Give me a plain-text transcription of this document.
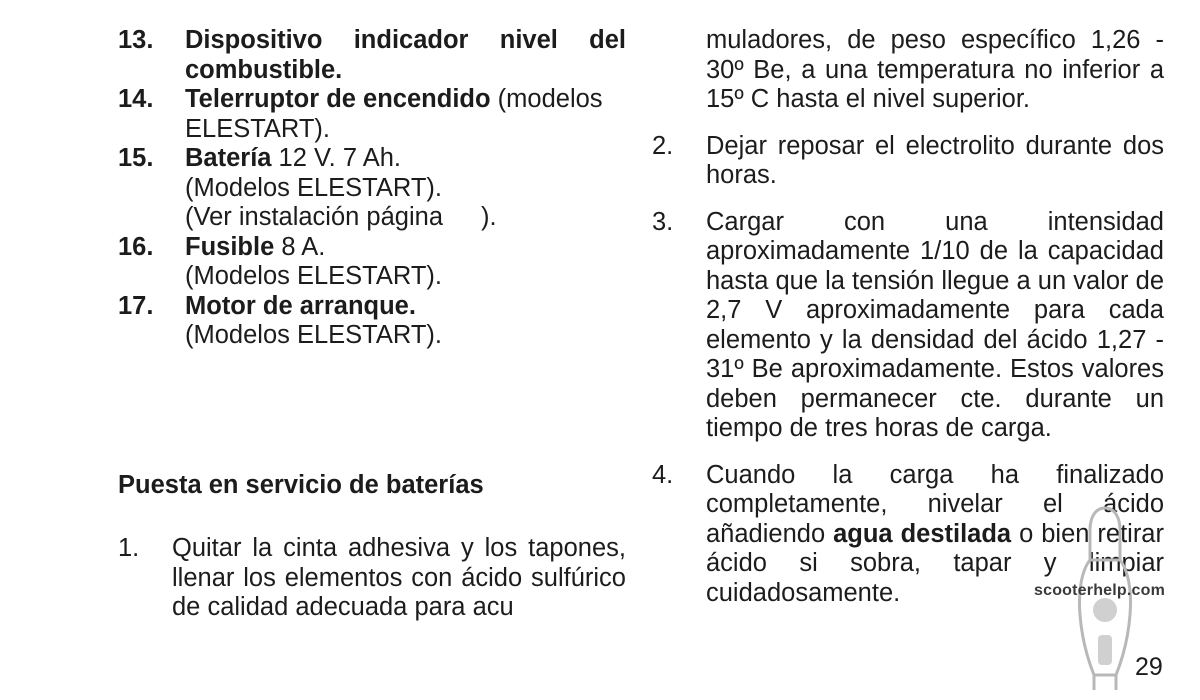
13.	Dispositivo indicador nivel del combustible.
14.	Telerruptor de encendido (modelos ELESTART).
15.	Batería 12 V. 7 Ah.
(Modelos ELESTART).
(Ver instalación página ).
16.	Fusible 8 A.
(Modelos ELESTART).
17.	Motor de arranque.
(Modelos ELESTART).
Puesta en servicio de baterías
1.	Quitar la cinta adhesiva y los tapones, llenar los elementos con ácido sulfúrico de calidad adecuada para acu
muladores, de peso específico 1,26 - 30º Be, a una temperatura no inferior a 15º C hasta el nivel superior.
2.	Dejar reposar el electrolito durante dos horas.
3.	Cargar con una intensidad aproximadamente 1/10 de la capacidad hasta que la tensión llegue a un valor de 2,7 V aproximadamente para cada elemento y la densidad del ácido 1,27 - 31º Be aproximadamente. Estos valores deben permanecer cte. durante un tiempo de tres horas de carga.
4.	Cuando la carga ha finalizado completamente, nivelar el ácido añadiendo agua destilada o bien retirar ácido si sobra, tapar y limpiar cuidadosamente.	scooterhelp.com
29
